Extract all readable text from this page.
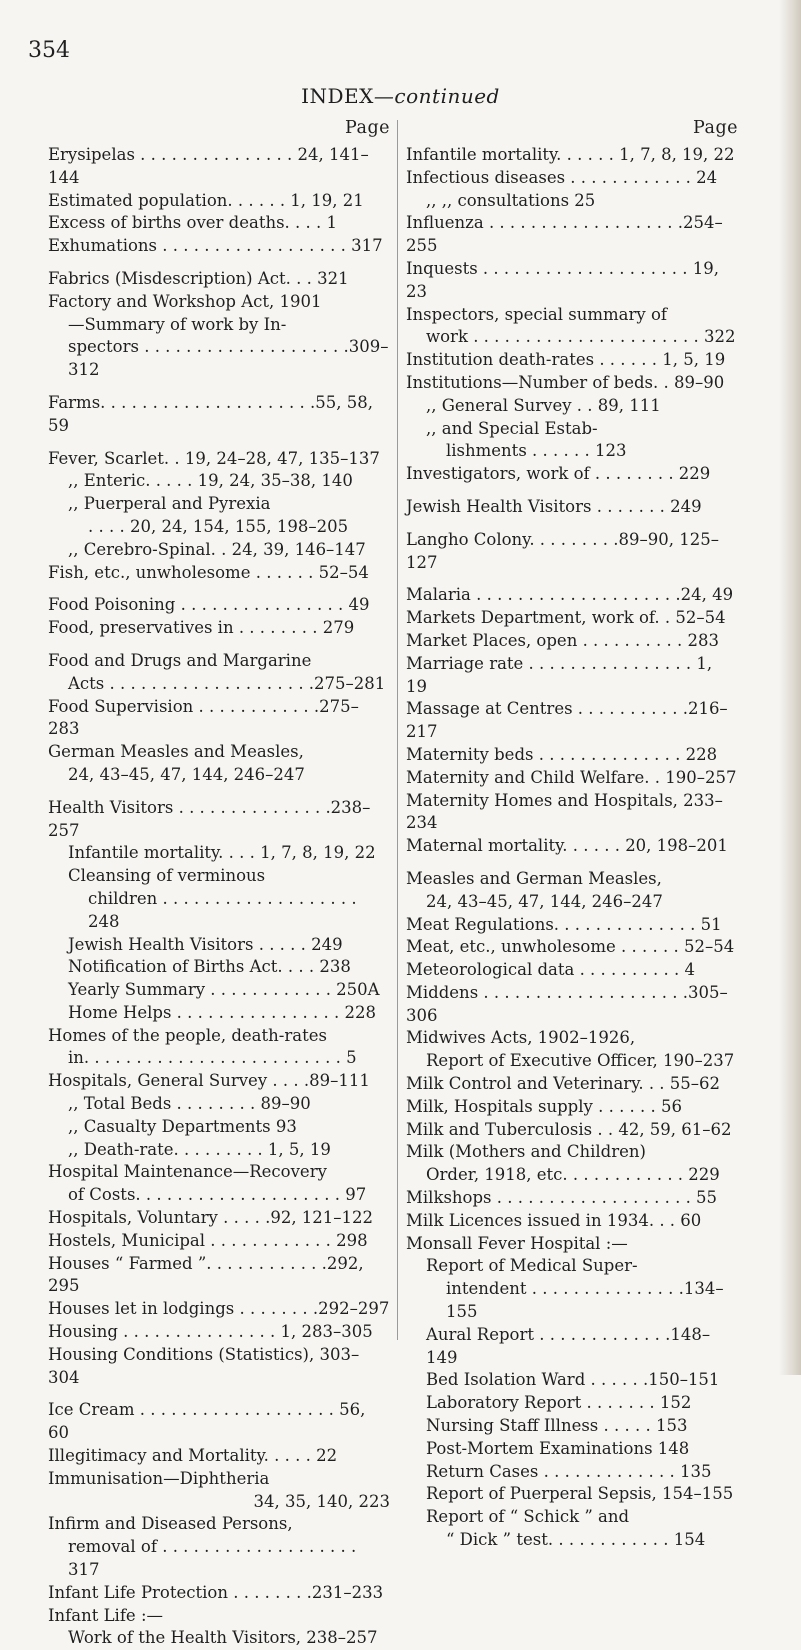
354
INDEX—continued
Page
Erysipelas . . . . . . . . . . . . . . . 24, 141–144
Estimated population. . . . . . 1, 19, 21
Excess of births over deaths. . . . 1
Exhumations . . . . . . . . . . . . . . . . . . 317
Fabrics (Misdescription) Act. . . 321
Factory and Workshop Act, 1901
—Summary of work by In-
spectors . . . . . . . . . . . . . . . . . . . .309–312
Farms. . . . . . . . . . . . . . . . . . . . .55, 58, 59
Fever, Scarlet. . 19, 24–28, 47, 135–137
,, Enteric. . . . . 19, 24, 35–38, 140
,, Puerperal and Pyrexia
. . . . 20, 24, 154, 155, 198–205
,, Cerebro-Spinal. . 24, 39, 146–147
Fish, etc., unwholesome . . . . . . 52–54
Food Poisoning . . . . . . . . . . . . . . . . 49
Food, preservatives in . . . . . . . . 279
Food and Drugs and Margarine
Acts . . . . . . . . . . . . . . . . . . . .275–281
Food Supervision . . . . . . . . . . . .275–283
German Measles and Measles,
24, 43–45, 47, 144, 246–247
Health Visitors . . . . . . . . . . . . . . .238–257
Infantile mortality. . . . 1, 7, 8, 19, 22
Cleansing of verminous
children . . . . . . . . . . . . . . . . . . . 248
Jewish Health Visitors . . . . . 249
Notification of Births Act. . . . 238
Yearly Summary . . . . . . . . . . . . 250A
Home Helps . . . . . . . . . . . . . . . . 228
Homes of the people, death-rates
in. . . . . . . . . . . . . . . . . . . . . . . . . 5
Hospitals, General Survey . . . .89–111
,, Total Beds . . . . . . . . 89–90
,, Casualty Departments 93
,, Death-rate. . . . . . . . . 1, 5, 19
Hospital Maintenance—Recovery
of Costs. . . . . . . . . . . . . . . . . . . . 97
Hospitals, Voluntary . . . . .92, 121–122
Hostels, Municipal . . . . . . . . . . . . 298
Houses “ Farmed ”. . . . . . . . . . . .292, 295
Houses let in lodgings . . . . . . . .292–297
Housing . . . . . . . . . . . . . . . 1, 283–305
Housing Conditions (Statistics), 303–304
Ice Cream . . . . . . . . . . . . . . . . . . . 56, 60
Illegitimacy and Mortality. . . . . 22
Immunisation—Diphtheria
34, 35, 140, 223
Infirm and Diseased Persons,
removal of . . . . . . . . . . . . . . . . . . . 317
Infant Life Protection . . . . . . . .231–233
Infant Life :—
Work of the Health Visitors, 238–257
Page
Infantile mortality. . . . . . 1, 7, 8, 19, 22
Infectious diseases . . . . . . . . . . . . 24
,, ,, consultations 25
Influenza . . . . . . . . . . . . . . . . . . .254–255
Inquests . . . . . . . . . . . . . . . . . . . . 19, 23
Inspectors, special summary of
work . . . . . . . . . . . . . . . . . . . . . . 322
Institution death-rates . . . . . . 1, 5, 19
Institutions—Number of beds. . 89–90
,, General Survey . . 89, 111
,, and Special Estab-
lishments . . . . . . 123
Investigators, work of . . . . . . . . 229
Jewish Health Visitors . . . . . . . 249
Langho Colony. . . . . . . . .89–90, 125–127
Malaria . . . . . . . . . . . . . . . . . . . .24, 49
Markets Department, work of. . 52–54
Market Places, open . . . . . . . . . . 283
Marriage rate . . . . . . . . . . . . . . . . 1, 19
Massage at Centres . . . . . . . . . . .216–217
Maternity beds . . . . . . . . . . . . . . 228
Maternity and Child Welfare. . 190–257
Maternity Homes and Hospitals, 233–234
Maternal mortality. . . . . . 20, 198–201
Measles and German Measles,
24, 43–45, 47, 144, 246–247
Meat Regulations. . . . . . . . . . . . . . 51
Meat, etc., unwholesome . . . . . . 52–54
Meteorological data . . . . . . . . . . 4
Middens . . . . . . . . . . . . . . . . . . . .305–306
Midwives Acts, 1902–1926,
Report of Executive Officer, 190–237
Milk Control and Veterinary. . . 55–62
Milk, Hospitals supply . . . . . . 56
Milk and Tuberculosis . . 42, 59, 61–62
Milk (Mothers and Children)
Order, 1918, etc. . . . . . . . . . . . 229
Milkshops . . . . . . . . . . . . . . . . . . . 55
Milk Licences issued in 1934. . . 60
Monsall Fever Hospital :—
Report of Medical Super-
intendent . . . . . . . . . . . . . . .134–155
Aural Report . . . . . . . . . . . . .148–149
Bed Isolation Ward . . . . . .150–151
Laboratory Report . . . . . . . 152
Nursing Staff Illness . . . . . 153
Post-Mortem Examinations 148
Return Cases . . . . . . . . . . . . . 135
Report of Puerperal Sepsis, 154–155
Report of “ Schick ” and
“ Dick ” test. . . . . . . . . . . . 154
